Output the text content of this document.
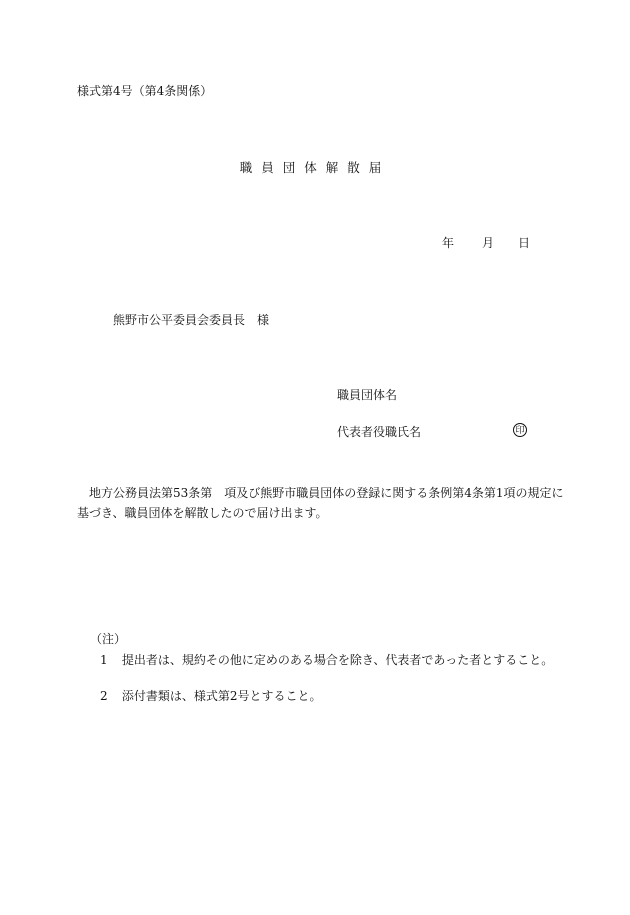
様式第4号（第4条関係）
職員団体解散届
年 月 日
熊野市公平委員会委員長　様
職員団体名
代表者役職氏名	印
　地方公務員法第53条第　項及び熊野市職員団体の登録に関する条例第4条第1項の規定に
基づき、職員団体を解散したので届け出ます。
（注）
1 提出者は、規約その他に定めのある場合を除き、代表者であった者とすること。
2 添付書類は、様式第2号とすること。
